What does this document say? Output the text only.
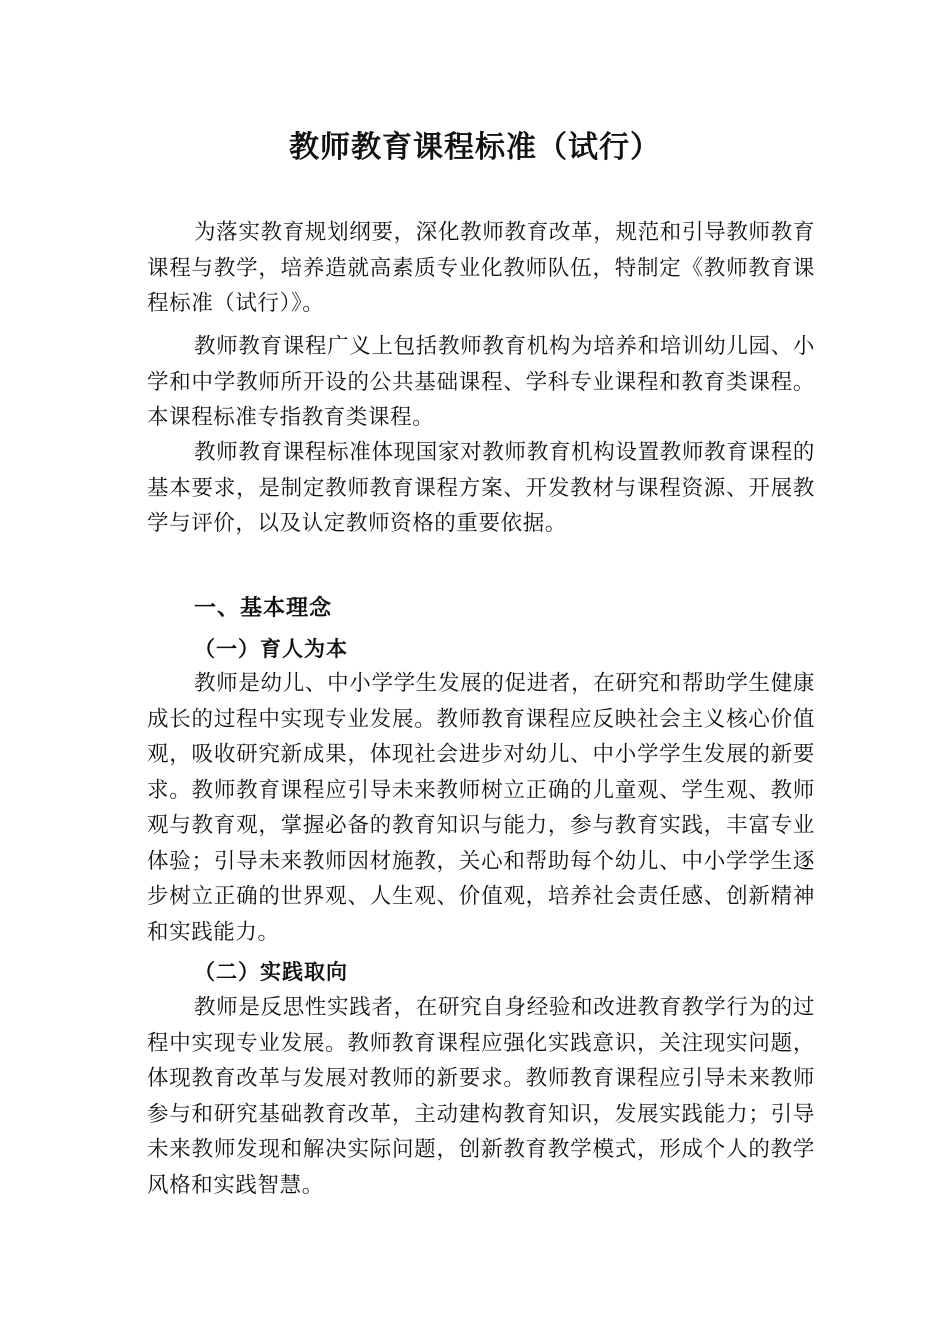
教师教育课程标准（试行）

为落实教育规划纲要，深化教师教育改革，规范和引导教师教育课程与教学，培养造就高素质专业化教师队伍，特制定《教师教育课程标准（试行）》。

教师教育课程广义上包括教师教育机构为培养和培训幼儿园、小学和中学教师所开设的公共基础课程、学科专业课程和教育类课程。本课程标准专指教育类课程。

教师教育课程标准体现国家对教师教育机构设置教师教育课程的基本要求，是制定教师教育课程方案、开发教材与课程资源、开展教学与评价，以及认定教师资格的重要依据。

一、基本理念
（一）育人为本

教师是幼儿、中小学学生发展的促进者，在研究和帮助学生健康成长的过程中实现专业发展。教师教育课程应反映社会主义核心价值观，吸收研究新成果，体现社会进步对幼儿、中小学学生发展的新要求。教师教育课程应引导未来教师树立正确的儿童观、学生观、教师观与教育观，掌握必备的教育知识与能力，参与教育实践，丰富专业体验；引导未来教师因材施教，关心和帮助每个幼儿、中小学学生逐步树立正确的世界观、人生观、价值观，培养社会责任感、创新精神和实践能力。

（二）实践取向

教师是反思性实践者，在研究自身经验和改进教育教学行为的过程中实现专业发展。教师教育课程应强化实践意识，关注现实问题，体现教育改革与发展对教师的新要求。教师教育课程应引导未来教师参与和研究基础教育改革，主动建构教育知识，发展实践能力；引导未来教师发现和解决实际问题，创新教育教学模式，形成个人的教学风格和实践智慧。
